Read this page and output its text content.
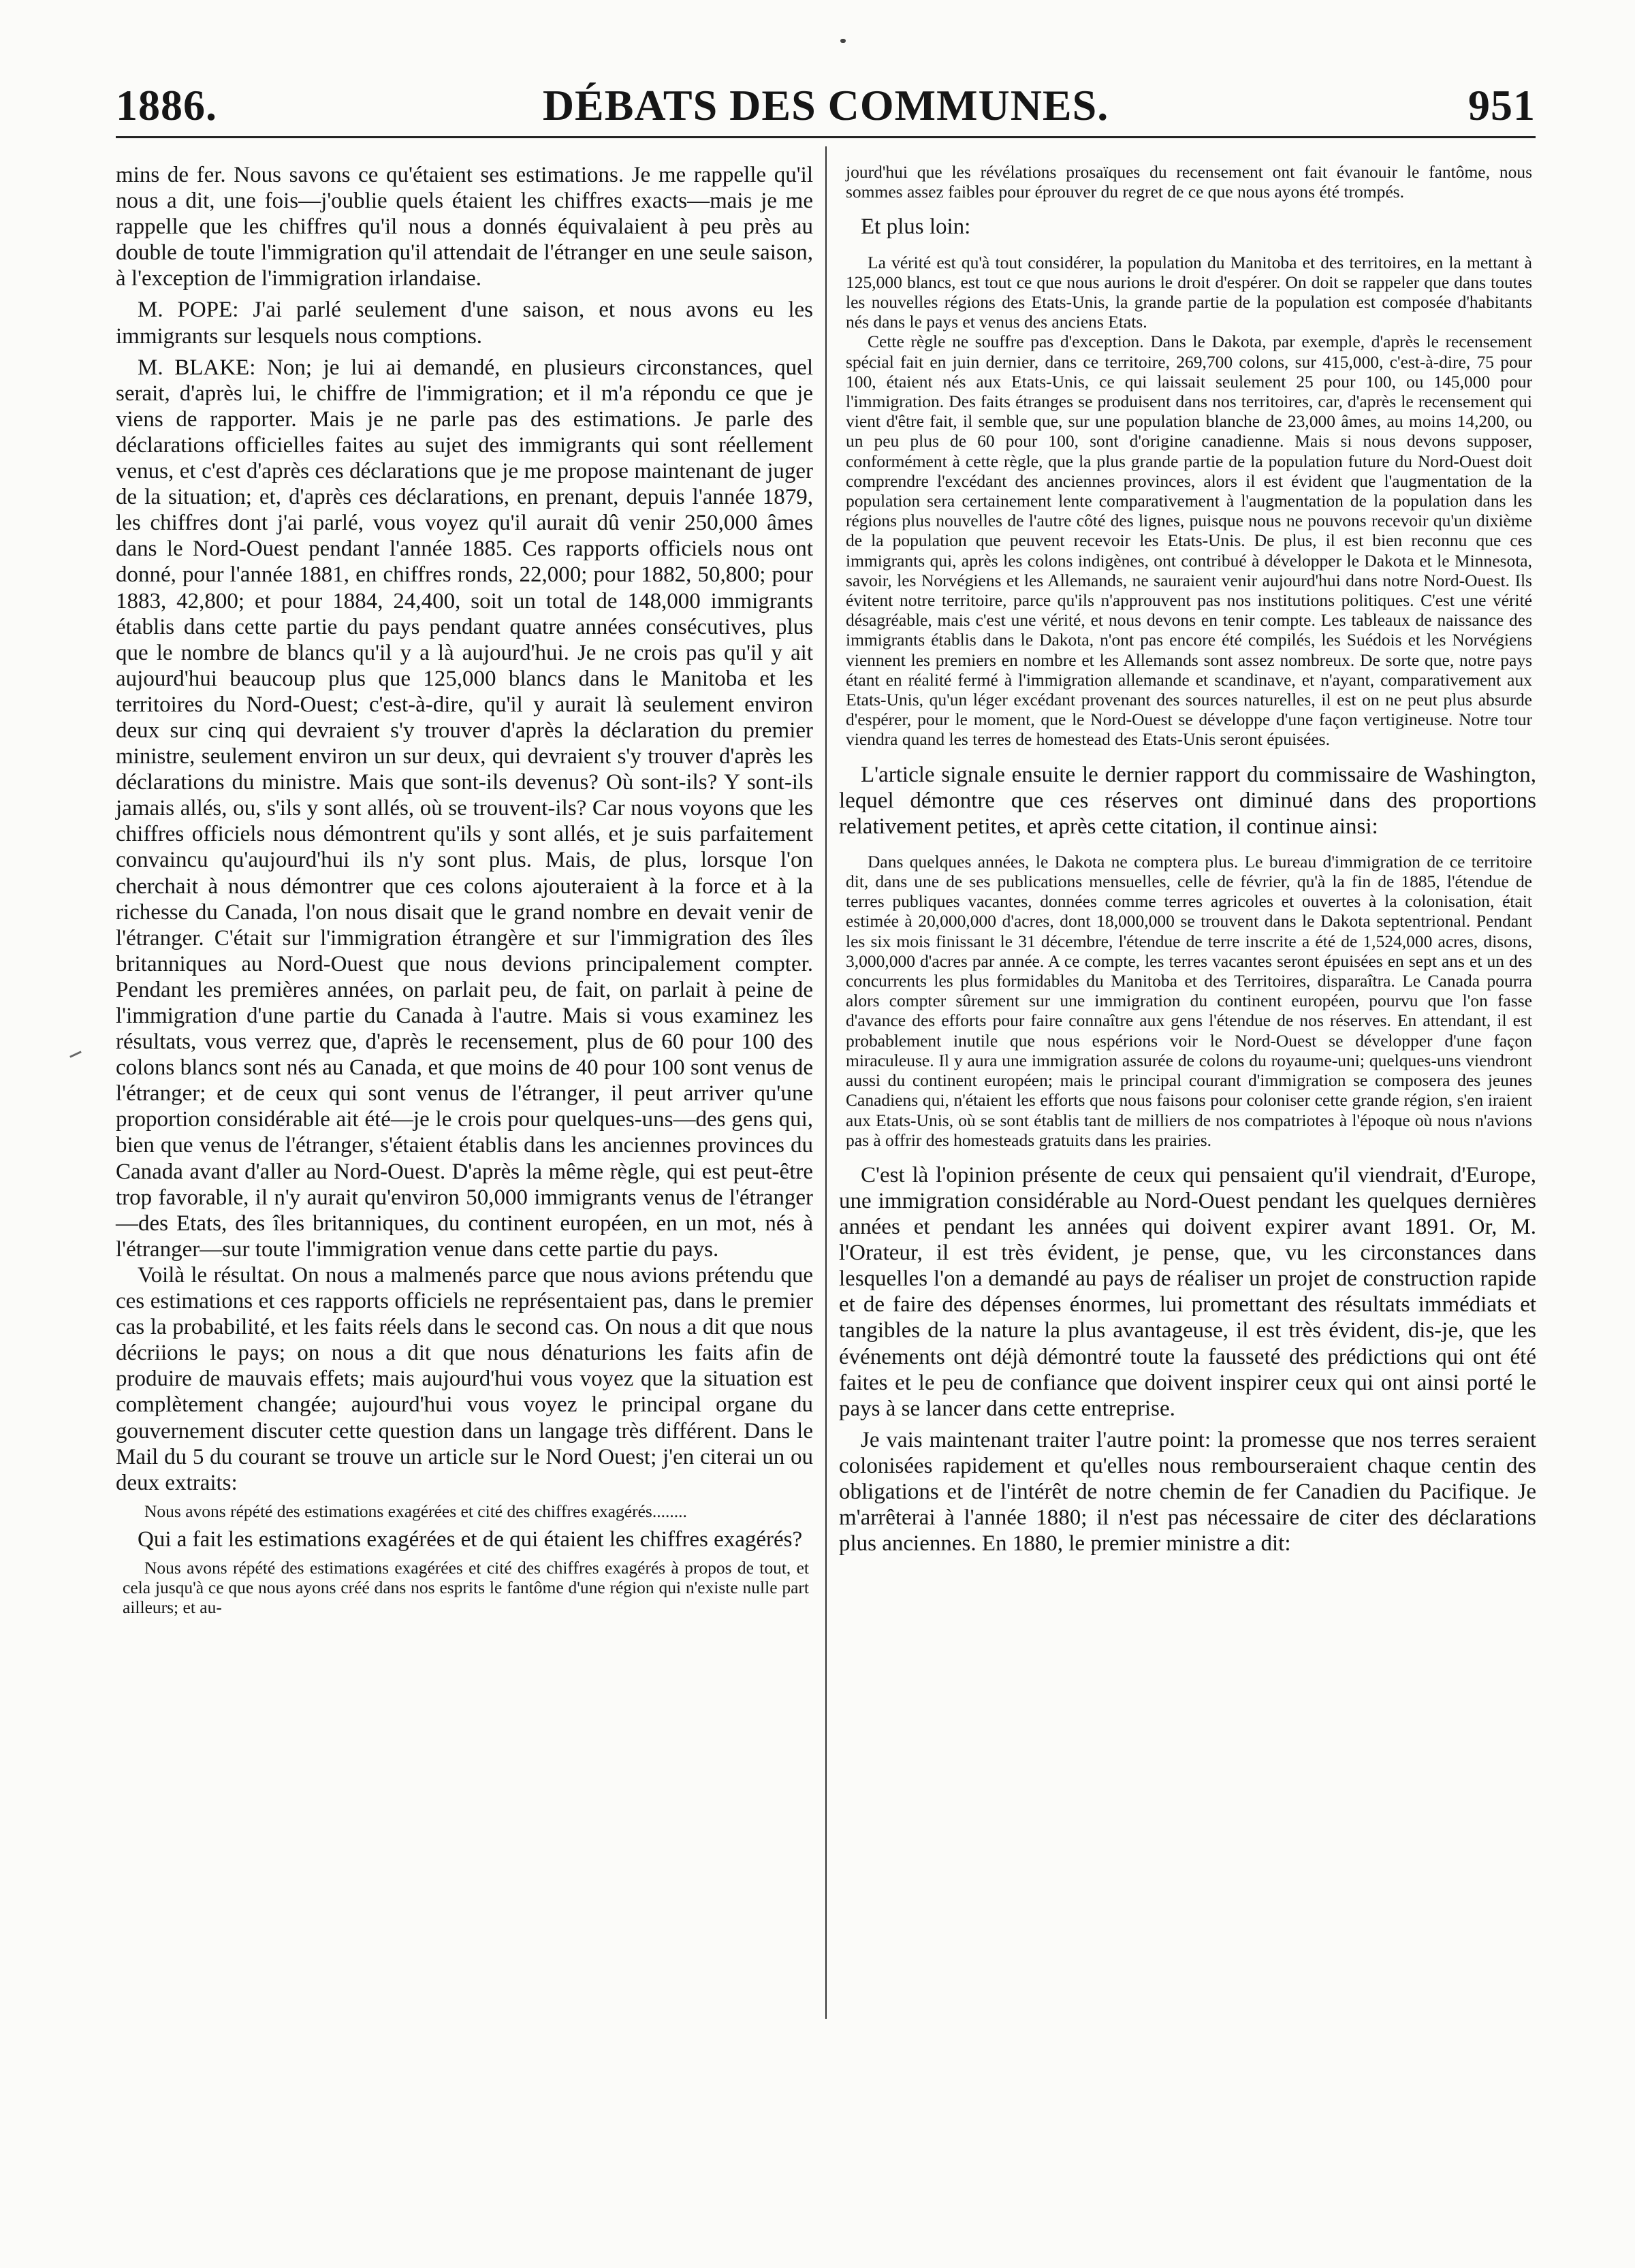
DÉBATS DES COMMUNES.
1886.	951

mins de fer. Nous savons ce qu'étaient ses estimations. Je me rappelle qu'il nous a dit, une fois—j'oublie quels étaient les chiffres exacts—mais je me rappelle que les chiffres qu'il nous a donnés équivalaient à peu près au double de toute l'immigration qu'il attendait de l'étranger en une seule saison, à l'exception de l'immigration irlandaise.

M. POPE: J'ai parlé seulement d'une saison, et nous avons eu les immigrants sur lesquels nous comptions.

M. BLAKE: Non; je lui ai demandé, en plusieurs circonstances, quel serait, d'après lui, le chiffre de l'immigration; et il m'a répondu ce que je viens de rapporter. Mais je ne parle pas des estimations. Je parle des déclarations officielles faites au sujet des immigrants qui sont réellement venus, et c'est d'après ces déclarations que je me propose maintenant de juger de la situation; et, d'après ces déclarations, en prenant, depuis l'année 1879, les chiffres dont j'ai parlé, vous voyez qu'il aurait dû venir 250,000 âmes dans le Nord-Ouest pendant l'année 1885. Ces rapports officiels nous ont donné, pour l'année 1881, en chiffres ronds, 22,000; pour 1882, 50,800; pour 1883, 42,800; et pour 1884, 24,400, soit un total de 148,000 immigrants établis dans cette partie du pays pendant quatre années consécutives, plus que le nombre de blancs qu'il y a là aujourd'hui. Je ne crois pas qu'il y ait aujourd'hui beaucoup plus que 125,000 blancs dans le Manitoba et les territoires du Nord-Ouest; c'est-à-dire, qu'il y aurait là seulement environ deux sur cinq qui devraient s'y trouver d'après la déclaration du premier ministre, seulement environ un sur deux, qui devraient s'y trouver d'après les déclarations du ministre. Mais que sont-ils devenus? Où sont-ils? Y sont-ils jamais allés, ou, s'ils y sont allés, où se trouvent-ils? Car nous voyons que les chiffres officiels nous démontrent qu'ils y sont allés, et je suis parfaitement convaincu qu'aujourd'hui ils n'y sont plus. Mais, de plus, lorsque l'on cherchait à nous démontrer que ces colons ajouteraient à la force et à la richesse du Canada, l'on nous disait que le grand nombre en devait venir de l'étranger. C'était sur l'immigration étrangère et sur l'immigration des îles britanniques au Nord-Ouest que nous devions principalement compter. Pendant les premières années, on parlait peu, de fait, on parlait à peine de l'immigration d'une partie du Canada à l'autre. Mais si vous examinez les résultats, vous verrez que, d'après le recensement, plus de 60 pour 100 des colons blancs sont nés au Canada, et que moins de 40 pour 100 sont venus de l'étranger; et de ceux qui sont venus de l'étranger, il peut arriver qu'une proportion considérable ait été—je le crois pour quelques-uns—des gens qui, bien que venus de l'étranger, s'étaient établis dans les anciennes provinces du Canada avant d'aller au Nord-Ouest. D'après la même règle, qui est peut-être trop favorable, il n'y aurait qu'environ 50,000 immigrants venus de l'étranger—des Etats, des îles britanniques, du continent européen, en un mot, nés à l'étranger—sur toute l'immigration venue dans cette partie du pays.

Voilà le résultat. On nous a malmenés parce que nous avions prétendu que ces estimations et ces rapports officiels ne représentaient pas, dans le premier cas la probabilité, et les faits réels dans le second cas. On nous a dit que nous décriions le pays; on nous a dit que nous dénaturions les faits afin de produire de mauvais effets; mais aujourd'hui vous voyez que la situation est complètement changée; aujourd'hui vous voyez le principal organe du gouvernement discuter cette question dans un langage très différent. Dans le Mail du 5 du courant se trouve un article sur le Nord Ouest; j'en citerai un ou deux extraits:

Nous avons répété des estimations exagérées et cité des chiffres exagérés........

Qui a fait les estimations exagérées et de qui étaient les chiffres exagérés?

Nous avons répété des estimations exagérées et cité des chiffres exagérés à propos de tout, et cela jusqu'à ce que nous ayons créé dans nos esprits le fantôme d'une région qui n'existe nulle part ailleurs; et au-

jourd'hui que les révélations prosaïques du recensement ont fait évanouir le fantôme, nous sommes assez faibles pour éprouver du regret de ce que nous ayons été trompés.

Et plus loin:

La vérité est qu'à tout considérer, la population du Manitoba et des territoires, en la mettant à 125,000 blancs, est tout ce que nous aurions le droit d'espérer. On doit se rappeler que dans toutes les nouvelles régions des Etats-Unis, la grande partie de la population est composée d'habitants nés dans le pays et venus des anciens Etats.

Cette règle ne souffre pas d'exception. Dans le Dakota, par exemple, d'après le recensement spécial fait en juin dernier, dans ce territoire, 269,700 colons, sur 415,000, c'est-à-dire, 75 pour 100, étaient nés aux Etats-Unis, ce qui laissait seulement 25 pour 100, ou 145,000 pour l'immigration. Des faits étranges se produisent dans nos territoires, car, d'après le recensement qui vient d'être fait, il semble que, sur une population blanche de 23,000 âmes, au moins 14,200, ou un peu plus de 60 pour 100, sont d'origine canadienne. Mais si nous devons supposer, conformément à cette règle, que la plus grande partie de la population future du Nord-Ouest doit comprendre l'excédant des anciennes provinces, alors il est évident que l'augmentation de la population sera certainement lente comparativement à l'augmentation de la population dans les régions plus nouvelles de l'autre côté des lignes, puisque nous ne pouvons recevoir qu'un dixième de la population que peuvent recevoir les Etats-Unis. De plus, il est bien reconnu que ces immigrants qui, après les colons indigènes, ont contribué à développer le Dakota et le Minnesota, savoir, les Norvégiens et les Allemands, ne sauraient venir aujourd'hui dans notre Nord-Ouest. Ils évitent notre territoire, parce qu'ils n'approuvent pas nos institutions politiques. C'est une vérité désagréable, mais c'est une vérité, et nous devons en tenir compte. Les tableaux de naissance des immigrants établis dans le Dakota, n'ont pas encore été compilés, les Suédois et les Norvégiens viennent les premiers en nombre et les Allemands sont assez nombreux. De sorte que, notre pays étant en réalité fermé à l'immigration allemande et scandinave, et n'ayant, comparativement aux Etats-Unis, qu'un léger excédant provenant des sources naturelles, il est on ne peut plus absurde d'espérer, pour le moment, que le Nord-Ouest se développe d'une façon vertigineuse. Notre tour viendra quand les terres de homestead des Etats-Unis seront épuisées.

L'article signale ensuite le dernier rapport du commissaire de Washington, lequel démontre que ces réserves ont diminué dans des proportions relativement petites, et après cette citation, il continue ainsi:

Dans quelques années, le Dakota ne comptera plus. Le bureau d'immigration de ce territoire dit, dans une de ses publications mensuelles, celle de février, qu'à la fin de 1885, l'étendue de terres publiques vacantes, données comme terres agricoles et ouvertes à la colonisation, était estimée à 20,000,000 d'acres, dont 18,000,000 se trouvent dans le Dakota septentrional. Pendant les six mois finissant le 31 décembre, l'étendue de terre inscrite a été de 1,524,000 acres, disons, 3,000,000 d'acres par année. A ce compte, les terres vacantes seront épuisées en sept ans et un des concurrents les plus formidables du Manitoba et des Territoires, disparaîtra. Le Canada pourra alors compter sûrement sur une immigration du continent européen, pourvu que l'on fasse d'avance des efforts pour faire connaître aux gens l'étendue de nos réserves. En attendant, il est probablement inutile que nous espérions voir le Nord-Ouest se développer d'une façon miraculeuse. Il y aura une immigration assurée de colons du royaume-uni; quelques-uns viendront aussi du continent européen; mais le principal courant d'immigration se composera des jeunes Canadiens qui, n'étaient les efforts que nous faisons pour coloniser cette grande région, s'en iraient aux Etats-Unis, où se sont établis tant de milliers de nos compatriotes à l'époque où nous n'avions pas à offrir des homesteads gratuits dans les prairies.

C'est là l'opinion présente de ceux qui pensaient qu'il viendrait, d'Europe, une immigration considérable au Nord-Ouest pendant les quelques dernières années et pendant les années qui doivent expirer avant 1891. Or, M. l'Orateur, il est très évident, je pense, que, vu les circonstances dans lesquelles l'on a demandé au pays de réaliser un projet de construction rapide et de faire des dépenses énormes, lui promettant des résultats immédiats et tangibles de la nature la plus avantageuse, il est très évident, dis-je, que les événements ont déjà démontré toute la fausseté des prédictions qui ont été faites et le peu de confiance que doivent inspirer ceux qui ont ainsi porté le pays à se lancer dans cette entreprise.

Je vais maintenant traiter l'autre point: la promesse que nos terres seraient colonisées rapidement et qu'elles nous rembourseraient chaque centin des obligations et de l'intérêt de notre chemin de fer Canadien du Pacifique. Je m'arrêterai à l'année 1880; il n'est pas nécessaire de citer des déclarations plus anciennes. En 1880, le premier ministre a dit:
